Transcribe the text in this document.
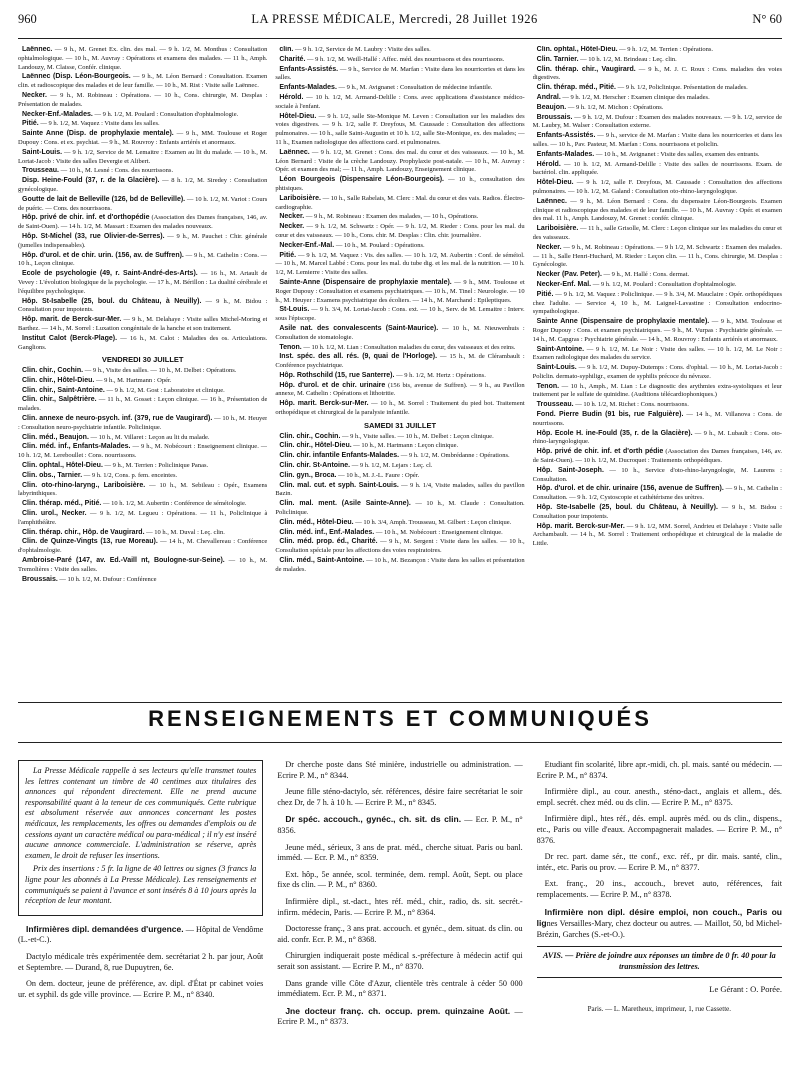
960	LA PRESSE MÉDICALE, Mercredi, 28 Juillet 1926	N° 60

Laënnec. — 9 h., M. Grenet Ex. clin. des mal. — 9 h. 1/2, M. Monthus : Consultation ophtalmologique. — 10 h., M. Auvray : Opérations et examens des malades. — 11 h., Amph. Landouzy, M. Claisse, Confér. clinique.

Laënnec (Disp. Léon-Bourgeois. — 9 h., M. Léon Bernard : Consultation. Examen clin. et radioscopique des malades et de leur famille. — 10 h., M. Rist : Visite salle Laënnec.

Necker. — 9 h., M. Robineau : Opérations. — 10 h., Cons. chirurgie, M. Desplas : Présentation de malades.

Necker-Enf.-Malades. — 9 h. 1/2, M. Poulard : Consultation d'ophtalmologie.

Pitié. — 9 h. 1/2, M. Vaquez : Visite dans les salles.

Sainte Anne (Disp. de prophylaxie mentale). — 9 h., MM. Toulouse et Roger Dupouy : Cons. et ex. psychiat. — 9 h., M. Rouvroy : Enfants arriérés et anormaux.

Saint-Louis. — 9 h. 1/2, Service de M. Lemaitre : Examen au lit du malade. — 10 h., M. Lortat-Jacob : Visite des salles Devergie et Alibert.

Trousseau. — 10 h., M. Lesné : Cons. des nourrissons.

Disp. Heine-Fould (37, r. de la Glacière). — 8 h. 1/2, M. Siredey : Consultation gynécologique.

Goutte de lait de Belleville (126, bd de Belleville). — 10 h. 1/2, M. Variot : Cours de puéric. — Cons. des nourrissons.

Hôp. privé de chir. inf. et d'orthopédie (Association des Dames françaises, 146, av. de Saint-Ouen). — 14 h. 1/2, M. Massart : Examen des malades nouveaux.

Hôp. St-Michel (33, rue Olivier-de-Serres). — 9 h., M. Pauchet : Chir. générale (jumelles indispensables).

Hôp. d'urol. et de chir. urin. (156, av. de Suffren). — 9 h., M. Cathelin : Cons. — 10 h., Leçon clinique.

Ecole de psychologie (49, r. Saint-André-des-Arts). — 16 h., M. Artault de Vevey : L'évolution biologique de la psychologie. — 17 h., M. Bérillon : La dualité cérébrale et l'équilibre psychologique.

Hôp. St-Isabelle (25, boul. du Château, à Neuilly). — 9 h., M. Bidou : Consultation pour impotents.

Hôp. marit. de Berck-sur-Mer. — 9 h., M. Delahaye : Visite salles Michel-Moring et Barthez. — 14 h., M. Sorrel : Luxation congénitale de la hanche et son traitement.

Institut Calot (Berck-Plage). — 16 h., M. Calot : Maladies des os. Articulations. Ganglions.

VENDREDI 30 JUILLET

Clin. chir., Cochin. — 9 h., Visite des salles. — 10 h., M. Delbet : Opérations.

Clin. chir., Hôtel-Dieu. — 9 h., M. Hartmann : Opér.

Clin. chir., Saint-Antoine. — 9 h. 1/2, M. Gost : Laboratoire et clinique.

Clin. chir., Salpêtrière. — 11 h., M. Gosset : Leçon clinique. — 16 h., Présentation de malades.

Clin. annexe de neuro-psych. inf. (379, rue de Vaugirard). — 10 h., M. Heuyer : Consultation neuro-psychiatrie infantile. Policlinique.

Clin. méd., Beaujon. — 10 h., M. Villaret : Leçon au lit du malade.

Clin. méd. inf., Enfants-Malades. — 9 h., M. Nobécourt : Enseignement clinique. — 10 h. 1/2, M. Lereboullet : Cons. nourrissons.

Clin. ophtal., Hôtel-Dieu. — 9 h., M. Terrien : Policlinique Panas.

Clin. obs., Tarnier. — 9 h. 1/2, Cons. p. fem. enceintes.

Clin. oto-rhino-laryng., Lariboisière. — 10 h., M. Sebileau : Opér., Examens labyrinthiques.

Clin. thérap. méd., Pitié. — 10 h. 1/2, M. Aubertin : Conférence de séméiologie.

Clin. urol., Necker. — 9 h. 1/2, M. Legueu : Opérations. — 11 h., Policlinique à l'amphithéâtre.

Clin. thérap. chir., Hôp. de Vaugirard. — 10 h., M. Duval : Leç. clin.

Clin. de Quinze-Vingts (13, rue Moreau). — 14 h., M. Chevallereau : Conférence d'ophtalmologie.

Ambroise-Paré (147, av. Ed.-Vaill nt, Boulogne-sur-Seine). — 10 h., M. Tremolières : Visite des salles.

Broussais. — 10 h. 1/2, M. Dufour : Conférence

clin. — 9 h. 1/2, Service de M. Laubry : Visite des salles.

Charité. — 9 h. 1/2, M. Weill-Hallé : Affec. méd. des nourrissons et des nourrissons.

Enfants-Assistés. — 9 h., Service de M. Marfan : Visite dans les nourriceries et dans les salles.

Enfants-Malades. — 9 h., M. Avignanet : Consultation de médecine infantile.

Hérold. — 10 h. 1/2, M. Armand-Delille : Cons. avec applications d'assistance médico-sociale à l'enfant.

Hôtel-Dieu. — 9 h. 1/2, salle Ste-Monique M. Leven : Consultation sur les maladies des voies digestives. — 9 h. 1/2, salle F. Dreyfous, M. Caussade : Consultation des affections pulmonaires. — 10 h., salle Saint-Augustin et 10 h. 1/2, salle Ste-Monique, ex. des malades; — 11 h., Examen radiologique des affections card. et pulmonaires.

Laënnec. — 9 h. 1/2, M. Grenet : Cons. des mal. du cœur et des vaisseaux. — 10 h., M. Léon Bernard : Visite de la crèche Landouzy. Prophylaxie post-natale. — 10 h., M. Auvray : Opér. et examen des mal; — 11 h., Amph. Landouzy, Enseignement clinique.

Léon Bourgeois (Dispensaire Léon-Bourgeois). — 10 h., consultation des phtisiques.

Lariboisière. — 10 h., Salle Rabelais, M. Clerc : Mal. du cœur et des vais. Radios. Électro-cardiographie.

Necker. — 9 h., M. Robineau : Examen des malades, — 10 h., Opérations.

Necker. — 9 h. 1/2, M. Schwartz : Opér. — 9 h. 1/2, M. Rieder : Cons. pour les mal. du cœur et des vaisseaux. — 10 h., Cons. chir. M. Desplas : Clin. chir. journalière.

Necker-Enf.-Mal. — 10 h., M. Poulard : Opérations.

Pitié. — 9 h. 1/2, M. Vaquez : Vis. des salles. — 10 h. 1/2, M. Aubertin : Conf. de séméiol. — 10 h., M. Marcel Labbé : Cons. pour les mal. du tube dig. et les mal. de la nutrition. — 10 h. 1/2, M. Lemierre : Visite des salles.

Sainte-Anne (Dispensaire de prophylaxie mentale). — 9 h., MM. Toulouse et Roger Dupouy : Consultation et examens psychiatriques. — 10 h., M. Tinel : Neurologie. — 10 h., M. Heuyer : Examens psychiatrique des écoliers. — 14 h., M. Marchand : Epileptiques.

St-Louis. — 9 h. 3/4, M. Lortat-Jacob : Cons. ext. — 10 h., Serv. de M. Lemaitre : Interv. sous l'épiscope.

Asile nat. des convalescents (Saint-Maurice). — 10 h., M. Nieuwenhuis : Consultation de stomatologie.

Tenon. — 10 h. 1/2, M. Lian : Consultation maladies du cœur, des vaisseaux et des reins.

Inst. spéc. des all. rés. (9, quai de l'Horloge). — 15 h., M. de Clérambault : Conférence psychiatrique.

Hôp. Rothschild (15, rue Santerre). — 9 h. 1/2, M. Hertz : Opérations.

Hôp. d'urol. et de chir. urinaire (156 bis, avenue de Suffren). — 9 h., au Pavillon annexe, M. Cathelin : Opérations et lithotritie.

Hôp. marit. Berck-sur-Mer. — 10 h., M. Sorrel : Traitement du pied bot. Traitement orthopédique et chirurgical de la paralysie infantile.

SAMEDI 31 JUILLET

Clin. chir., Cochin. — 9 h., Visite salles. — 10 h., M. Delbet : Leçon clinique.

Clin. chir., Hôtel-Dieu. — 10 h., M. Hartmann : Leçon clinique.

Clin. chir. infantile Enfants-Malades. — 9 h. 1/2, M. Ombrédanne : Opérations.

Clin. chir. St-Antoine. — 9 h. 1/2, M. Lejars : Leç. cl.

Clin. gyn., Broca. — 10 h., M. J.-L. Faure : Opér.

Clin. mal. cut. et syph. Saint-Louis. — 9 h. 1/4, Visite malades, salles du pavillon Bazin.

Clin. mal. ment. (Asile Sainte-Anne). — 10 h., M. Claude : Consultation. Policlinique.

Clin. méd., Hôtel-Dieu. — 10 h. 3/4, Amph. Trousseau, M. Gilbert : Leçon clinique.

Clin. méd. inf., Enf.-Malades. — 10 h., M. Nobécourt : Enseignement clinique.

Clin. méd. prop. éd., Charité. — 9 h., M. Sergent : Visite dans les salles. — 10 h., Consultation spéciale pour les affections des voies respiratoires.

Clin. méd., Saint-Antoine. — 10 h., M. Bezançon : Visite dans les salles et présentation de malades.

Clin. ophtal., Hôtel-Dieu. — 9 h. 1/2, M. Terrien : Opérations.

Clin. Tarnier. — 10 h. 1/2, M. Brindeau : Leç. clin.

Clin. thérap. chir., Vaugirard. — 9 h., M. J. C. Roux : Cons. maladies des voies digestives.

Clin. thérap. méd., Pitié. — 9 h. 1/2, Policlinique. Présentation de malades.

Andral. — 9 h. 1/2, M. Herscher : Examen clinique des malades.

Beaujon. — 9 h. 1/2, M. Michon : Opérations.

Broussais. — 9 h. 1/2, M. Dufour : Examen des malades nouveaux. — 9 h. 1/2, service de M. Laubry, M. Walser : Consultation externe.

Enfants-Assistés. — 9 h., service de M. Marfan : Visite dans les nourriceries et dans les salles. — 10 h., Pav. Pasteur, M. Marfan : Cons. nourrissons et policlin.

Enfants-Malades. — 10 h., M. Avignanet : Visite des salles, examen des entrants.

Hérold. — 10 h. 1/2, M. Armand-Delille : Visite des salles de nourrissons. Exam. de bactériol. clin. appliquée.

Hôtel-Dieu. — 9 h. 1/2, salle F. Dreyfous, M. Caussade : Consultation des affections pulmonaires. — 10 h. 1/2, M. Galand : Consultation oto-rhino-laryngologique.

Laënnec. — 9 h., M. Léon Bernard : Cons. du dispensaire Léon-Bourgeois. Examen clinique et radioscopique des malades et de leur famille. — 10 h., M. Auvray : Opér. et examen des mal. 11 h., Amph. Landouzy, M. Grenet : confér. clinique.

Lariboisière. — 11 h., salle Grisolle, M. Clerc : Leçon clinique sur les maladies du cœur et des vaisseaux.

Necker. — 9 h., M. Robineau : Opérations. — 9 h 1/2, M. Schwartz : Examen des malades. — 11 h., Salle Henri-Huchard, M. Rieder : Leçon clin. — 11 h., Cons. chirurgie, M. Desplas : Gynécologie.

Necker (Pav. Peter). — 9 h., M. Hallé : Cons. dermat.

Necker-Enf. Mal. — 9 h. 1/2, M. Poulard : Consultation d'ophtalmologie.

Pitié. — 9 h. 1/2, M. Vaquez : Policlinique. — 9 h. 3/4, M. Mauclaire : Opér. orthopédiques chez l'adulte. — Service 4, 10 h., M. Laignel-Lavastine : Consultation endocrino-sympathologique.

Sainte Anne (Dispensaire de prophylaxie mentale). — 9 h., MM. Toulouse et Roger Dupouy : Cons. et examen psychiatriques. — 9 h., M. Vurpas : Psychiatrie générale. — 14 h., M. Capgras : Psychiatrie générale. — 14 h., M. Rouvroy : Enfants arriérés et anormaux.

Saint-Antoine. — 9 h. 1/2, M. Le Noir : Visite des salles. — 10 h. 1/2, M. Le Noir : Examen radiologique des malades du service.

Saint-Louis. — 9 h. 1/2, M. Dupuy-Dutemps : Cons. d'ophtal. — 10 h., M. Lortat-Jacob : Policlin. dermato-syphiligr., examen de syphilis précoce du névraxe.

Tenon. — 10 h., Amph., M. Lian : Le diagnostic des arythmies extra-systoliques et leur traitement par le sulfate de quinidine. (Auditions télécardiophoniques.)

Trousseau. — 10 h. 1/2, M. Richet : Cons. nourrissons.

Fond. Pierre Budin (91 bis, rue Falguière). — 14 h., M. Villanova : Cons. de nourrissons.

Hôp. Ecole H. ine-Fould (35, r. de la Glacière). — 9 h., M. Lubault : Cons. oto-rhino-laryngologique.

Hôp. privé de chir. inf. et d'orth pédie (Association des Dames françaises, 146, av. de Saint-Ouen). — 10 h. 1/2, M. Ducroquet : Traitements orthopédiques.

Hôp. Saint-Joseph. — 10 h., Service d'oto-rhino-laryngologie, M. Laurens : Consultation.

Hôp. d'urol. et de chir. urinaire (156, avenue de Suffren). — 9 h., M. Cathelin : Consultation. — 9 h. 1/2, Cystoscopie et cathétérisme des urètres.

Hôp. Ste-Isabelle (25, boul. du Château, à Neuilly). — 9 h., M. Bidou : Consultation pour impotents.

Hôp. marit. Berck-sur-Mer. — 9 h. 1/2, MM. Sorrel, Andrieu et Delahaye : Visite salle Archambault. — 14 h., M. Sorrel : Traitement orthopédique et chirurgical de la maladie de Little.

RENSEIGNEMENTS ET COMMUNIQUÉS

La Presse Médicale rappelle à ses lecteurs qu'elle transmet toutes les lettres contenant un timbre de 40 centimes aux titulaires des annonces qui répondent directement. Elle ne prend aucune responsabilité quant à la teneur de ces communiqués. Cette rubrique est absolument réservée aux annonces concernant les postes médicaux, les remplacements, les offres ou demandes d'emplois ou de cessions ayant un caractère médical ou para-médical ; il n'y est inséré aucune annonce commerciale. L'administration se réserve, après examen, le droit de refuser les insertions.

Prix des insertions : 5 fr. la ligne de 40 lettres ou signes (3 francs la ligne pour les abonnés à La Presse Médicale). Les renseignements et communiqués se paient à l'avance et sont insérés 8 à 10 jours après la réception de leur montant.

Infirmières dipl. demandées d'urgence. — Hôpital de Vendôme (L.-et-C.).

Dactylo médicale très expérimentée dem. secrétariat 2 h. par jour, Août et Septembre. — Durand, 8, rue Dupuytren, 6e.

On dem. docteur, jeune de préférence, av. dipl. d'État pr cabinet voies ur. et syphil. ds gde ville province. — Ecrire P. M., n° 8340.

Dr cherche poste dans Sté minière, industrielle ou administration. — Ecrire P. M., n° 8344.

Jeune fille sténo-dactylo, sér. références, désire faire secrétariat le soir chez Dr, de 7 h. à 10 h. — Ecrire P. M., n° 8345.

Dr spéc. accouch., gynéc., ch. sit. ds clin. — Ecr. P. M., n° 8356.

Jeune méd., sérieux, 3 ans de prat. méd., cherche situat. Paris ou banl. imméd. — Ecr. P. M., n° 8359.

Ext. hôp., 5e année, scol. terminée, dem. rempl. Août, Sept. ou place fixe ds clin. — P. M., n° 8360.

Infirmière dipl., st.-dact., htes réf. méd., chir., radio, ds. sit. secrét.-infirm. médecin, Paris. — Ecrire P. M., n° 8364.

Doctoresse franç., 3 ans prat. accouch. et gynéc., dem. situat. ds clin. ou aid. confr. Ecr. P. M., n° 8368.

Chirurgien indiquerait poste médical s.-préfecture à médecin actif qui serait son assistant. — Ecrire P. M., n° 8370.

Dans grande ville Côte d'Azur, clientèle très centrale à céder 50 000 immédiatem. Ecr. P. M., n° 8371.

Jne docteur franç. ch. occup. prem. quinzaine Août. — Ecrire P. M., n° 8373.

Etudiant fin scolarité, libre apr.-midi, ch. pl. mais. santé ou médecin. — Ecrire P. M., n° 8374.

Infirmière dipl., au cour. anesth., sténo-dact., anglais et allem., dés. empl. secrét. chez méd. ou ds clin. — Ecrire P. M., n° 8375.

Infirmière dipl., htes réf., dés. empl. auprès méd. ou ds clin., dispens., etc., Paris ou ville d'eaux. Accompagnerait malades. — Ecrire P. M., n° 8376.

Dr rec. part. dame sér., tte conf., exc. réf., pr dir. mais. santé, clin., intér., etc. Paris ou prov. — Ecrire P. M., n° 8377.

Ext. franç., 20 ins., accouch., brevet auto, références, fait remplacements. — Ecrire P. M., n° 8378.

Infirmière non dipl. désire emploi, non couch., Paris ou lignes Versailles-Mary, chez docteur ou autres. — Maillot, 50, bd Michel-Brézin, Garches (S.-et-O.).

AVIS. — Prière de joindre aux réponses un timbre de 0 fr. 40 pour la transmission des lettres.
Le Gérant : O. Porée.
Paris. — L. Maretheux, imprimeur, 1, rue Cassette.
